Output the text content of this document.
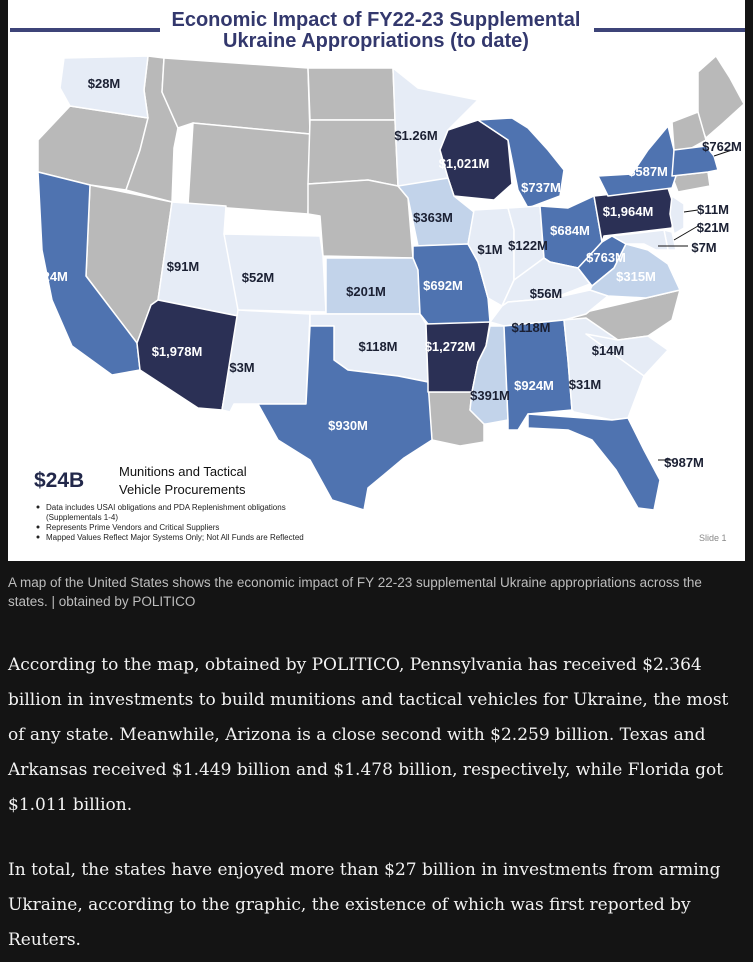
Economic Impact of FY22-23 Supplemental
Ukraine Appropriations (to date)
$28M
$724M
$91M
$52M
$1,978M
$3M
$201M
$118M
$930M
$1.26M
$1,021M
$363M
$692M
$1,272M
$1M
$737M
$122M
$684M
$56M
$118M
$391M
$924M $31M
$14M
$987M
$763M
$315M
$1,964M
$587M
$762M
$11M
$21M
$7M
$24B	Munitions and Tactical
Vehicle Procurements
Data includes USAI obligations and PDA Replenishment obligations
(Supplementals 1-4)
Represents Prime Vendors and Critical Suppliers
Mapped Values Reflect Major Systems Only; Not All Funds are Reflected	Slide 1
A map of the United States shows the economic impact of FY 22-23 supplemental Ukraine appropriations across the states. | obtained by POLITICO

According to the map, obtained by POLITICO, Pennsylvania has received $2.364 billion in investments to build munitions and tactical vehicles for Ukraine, the most of any state. Meanwhile, Arizona is a close second with $2.259 billion. Texas and Arkansas received $1.449 billion and $1.478 billion, respectively, while Florida got $1.011 billion.

In total, the states have enjoyed more than $27 billion in investments from arming Ukraine, according to the graphic, the existence of which was first reported by Reuters.
